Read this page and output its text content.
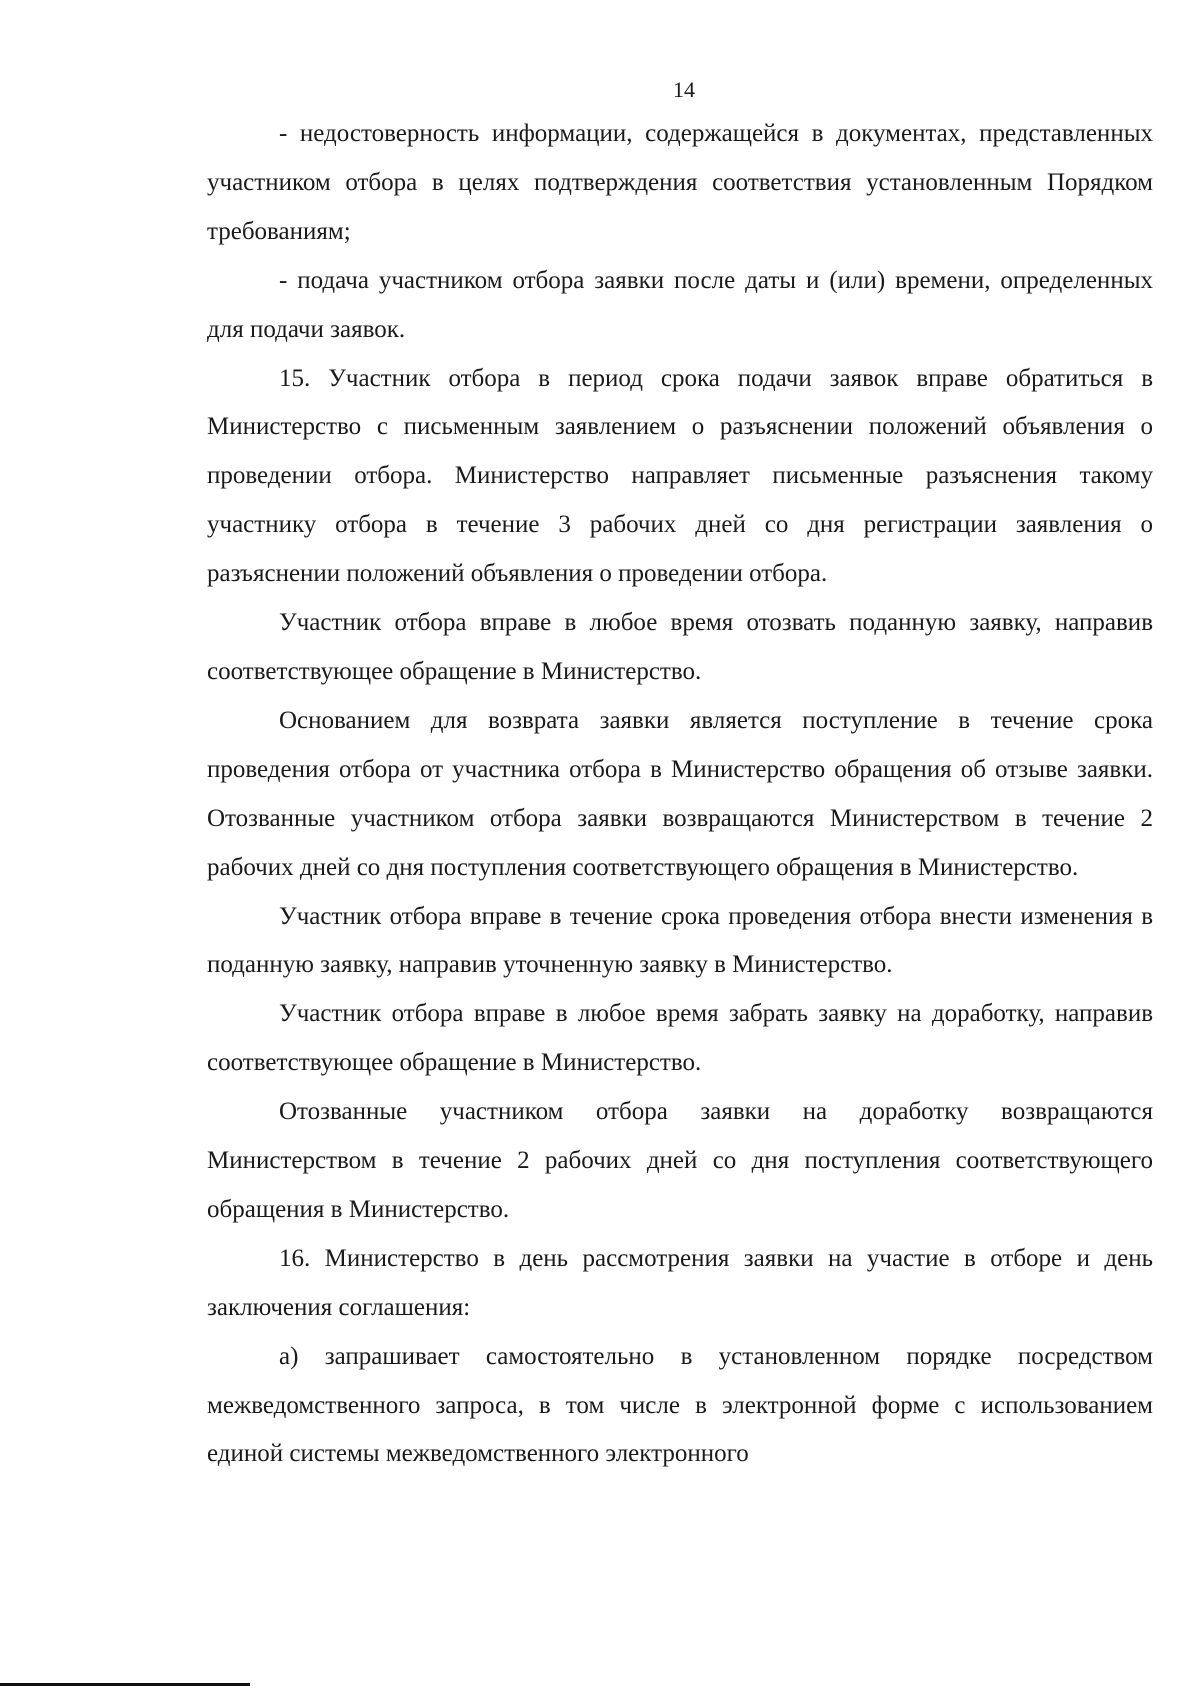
14

- недостоверность информации, содержащейся в документах, представленных участником отбора в целях подтверждения соответствия установленным Порядком требованиям;

- подача участником отбора заявки после даты и (или) времени, определенных для подачи заявок.

15. Участник отбора в период срока подачи заявок вправе обратиться в Министерство с письменным заявлением о разъяснении положений объявления о проведении отбора. Министерство направляет письменные разъяснения такому участнику отбора в течение 3 рабочих дней со дня регистрации заявления о разъяснении положений объявления о проведении отбора.

Участник отбора вправе в любое время отозвать поданную заявку, направив соответствующее обращение в Министерство.

Основанием для возврата заявки является поступление в течение срока проведения отбора от участника отбора в Министерство обращения об отзыве заявки. Отозванные участником отбора заявки возвращаются Министерством в течение 2 рабочих дней со дня поступления соответствующего обращения в Министерство.

Участник отбора вправе в течение срока проведения отбора внести изменения в поданную заявку, направив уточненную заявку в Министерство.

Участник отбора вправе в любое время забрать заявку на доработку, направив соответствующее обращение в Министерство.

Отозванные участником отбора заявки на доработку возвращаются Министерством в течение 2 рабочих дней со дня поступления соответствующего обращения в Министерство.

16. Министерство в день рассмотрения заявки на участие в отборе и день заключения соглашения:

а) запрашивает самостоятельно в установленном порядке посредством межведомственного запроса, в том числе в электронной форме с использованием единой системы межведомственного электронного
